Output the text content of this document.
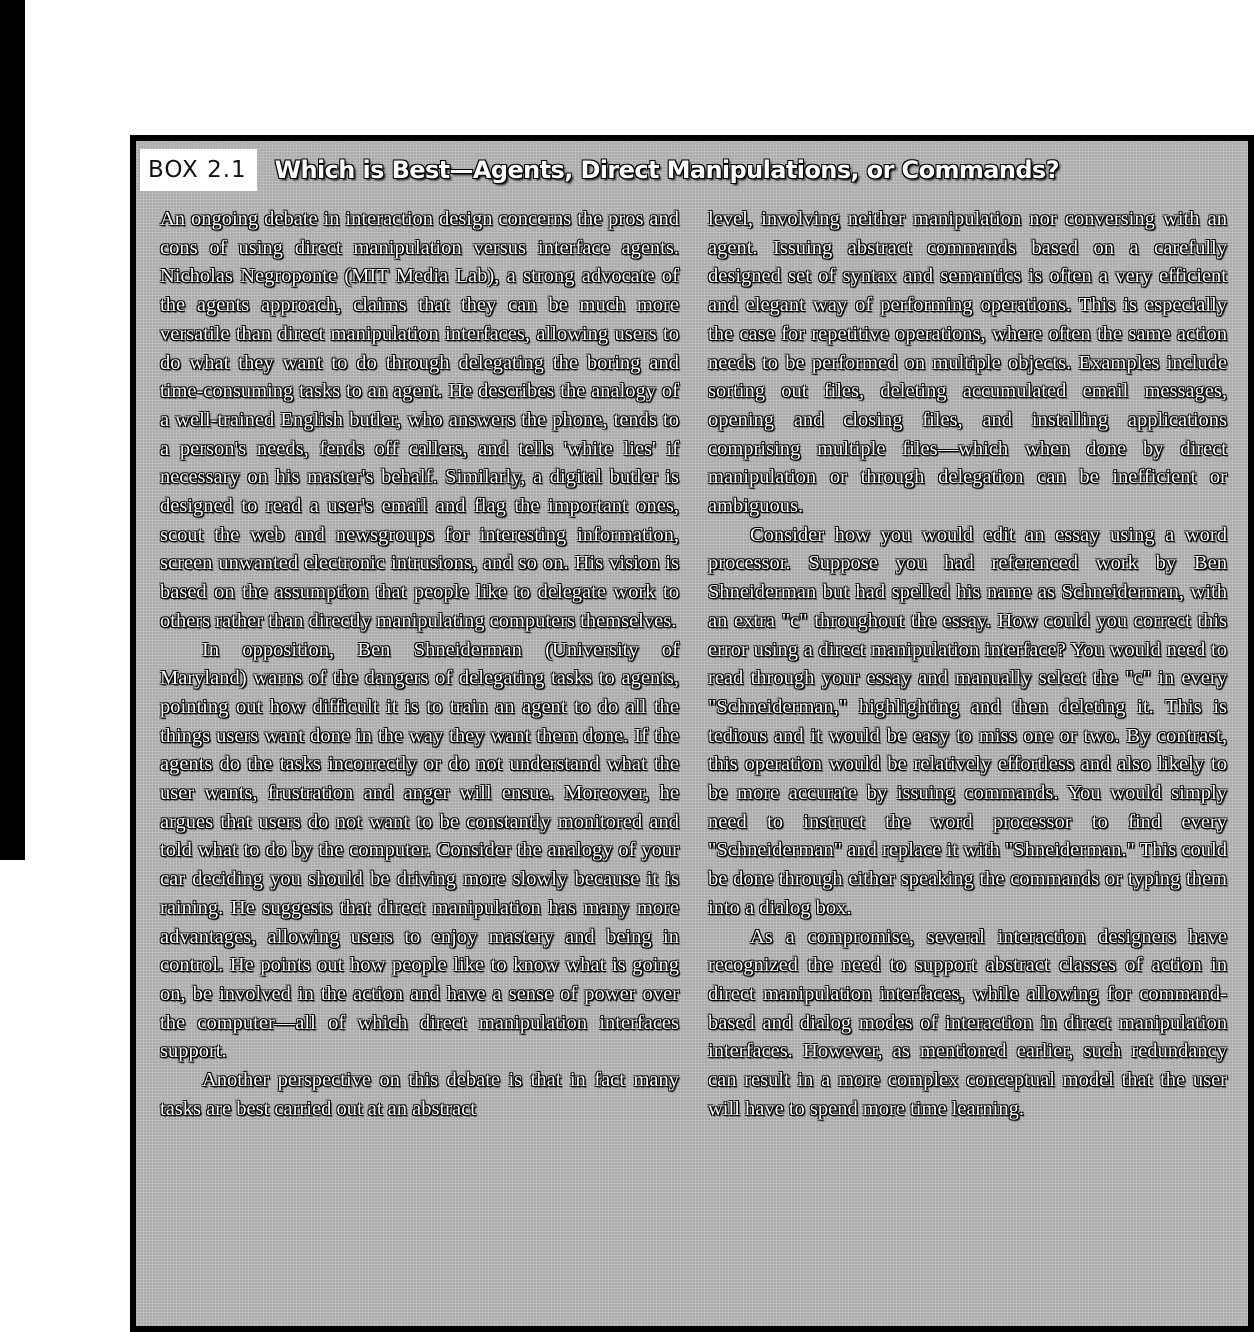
BOX 2.1	Which is Best—Agents, Direct Manipulations, or Commands?

An ongoing debate in interaction design concerns the pros and cons of using direct manipulation versus interface agents. Nicholas Negroponte (MIT Media Lab), a strong advocate of the agents approach, claims that they can be much more versatile than direct manipulation interfaces, allowing users to do what they want to do through delegating the boring and time-consuming tasks to an agent. He describes the analogy of a well-trained English butler, who answers the phone, tends to a person's needs, fends off callers, and tells 'white lies' if necessary on his master's behalf. Similarly, a digital butler is designed to read a user's email and flag the important ones, scout the web and newsgroups for interesting information, screen unwanted electronic intrusions, and so on. His vision is based on the assumption that people like to delegate work to others rather than directly manipulating computers themselves.

In opposition, Ben Shneiderman (University of Maryland) warns of the dangers of delegating tasks to agents, pointing out how difficult it is to train an agent to do all the things users want done in the way they want them done. If the agents do the tasks incorrectly or do not understand what the user wants, frustration and anger will ensue. Moreover, he argues that users do not want to be constantly monitored and told what to do by the computer. Consider the analogy of your car deciding you should be driving more slowly because it is raining. He suggests that direct manipulation has many more advantages, allowing users to enjoy mastery and being in control. He points out how people like to know what is going on, be involved in the action and have a sense of power over the computer—all of which direct manipulation interfaces support.

Another perspective on this debate is that in fact many tasks are best carried out at an abstract

level, involving neither manipulation nor conversing with an agent. Issuing abstract commands based on a carefully designed set of syntax and semantics is often a very efficient and elegant way of performing operations. This is especially the case for repetitive operations, where often the same action needs to be performed on multiple objects. Examples include sorting out files, deleting accumulated email messages, opening and closing files, and installing applications comprising multiple files—which when done by direct manipulation or through delegation can be inefficient or ambiguous.

Consider how you would edit an essay using a word processor. Suppose you had referenced work by Ben Shneiderman but had spelled his name as Schneiderman, with an extra "c" throughout the essay. How could you correct this error using a direct manipulation interface? You would need to read through your essay and manually select the "c" in every "Schneiderman," highlighting and then deleting it. This is tedious and it would be easy to miss one or two. By contrast, this operation would be relatively effortless and also likely to be more accurate by issuing commands. You would simply need to instruct the word processor to find every "Schneiderman" and replace it with "Shneiderman." This could be done through either speaking the commands or typing them into a dialog box.

As a compromise, several interaction designers have recognized the need to support abstract classes of action in direct manipulation interfaces, while allowing for command-based and dialog modes of interaction in direct manipulation interfaces. However, as mentioned earlier, such redundancy can result in a more complex conceptual model that the user will have to spend more time learning.
